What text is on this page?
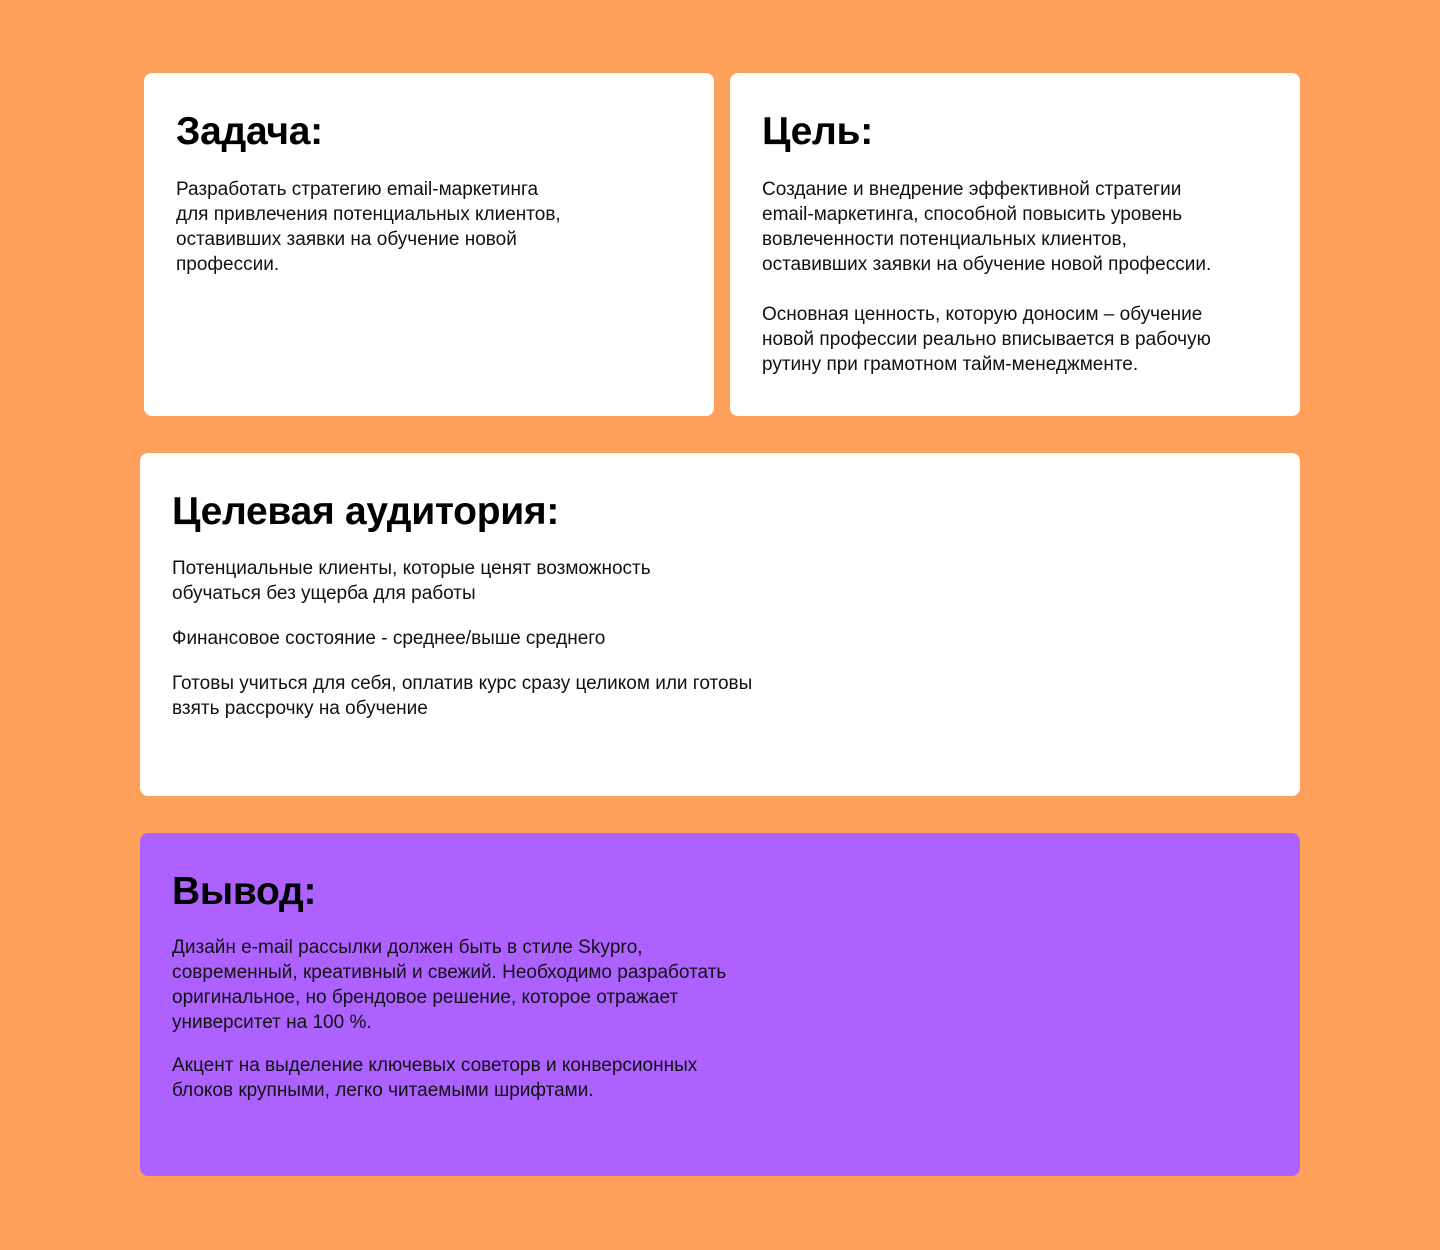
Задача:

Разработать стратегию email-маркетинга
для привлечения потенциальных клиентов,
оставивших заявки на обучение новой
профессии.

Цель:

Создание и внедрение эффективной стратегии
email-маркетинга, способной повысить уровень
вовлеченности потенциальных клиентов,
оставивших заявки на обучение новой профессии.

Основная ценность, которую доносим – обучение
новой профессии реально вписывается в рабочую
рутину при грамотном тайм-менеджменте.

Целевая аудитория:

Потенциальные клиенты, которые ценят возможность
обучаться без ущерба для работы

Финансовое состояние - среднее/выше среднего

Готовы учиться для себя, оплатив курс сразу целиком или готовы
взять рассрочку на обучение

Вывод:

Дизайн e-mail рассылки должен быть в стиле Skypro,
современный, креативный и свежий. Необходимо разработать
оригинальное, но брендовое решение, которое отражает
университет на 100 %.

Акцент на выделение ключевых советорв и конверсионных
блоков крупными, легко читаемыми шрифтами.
